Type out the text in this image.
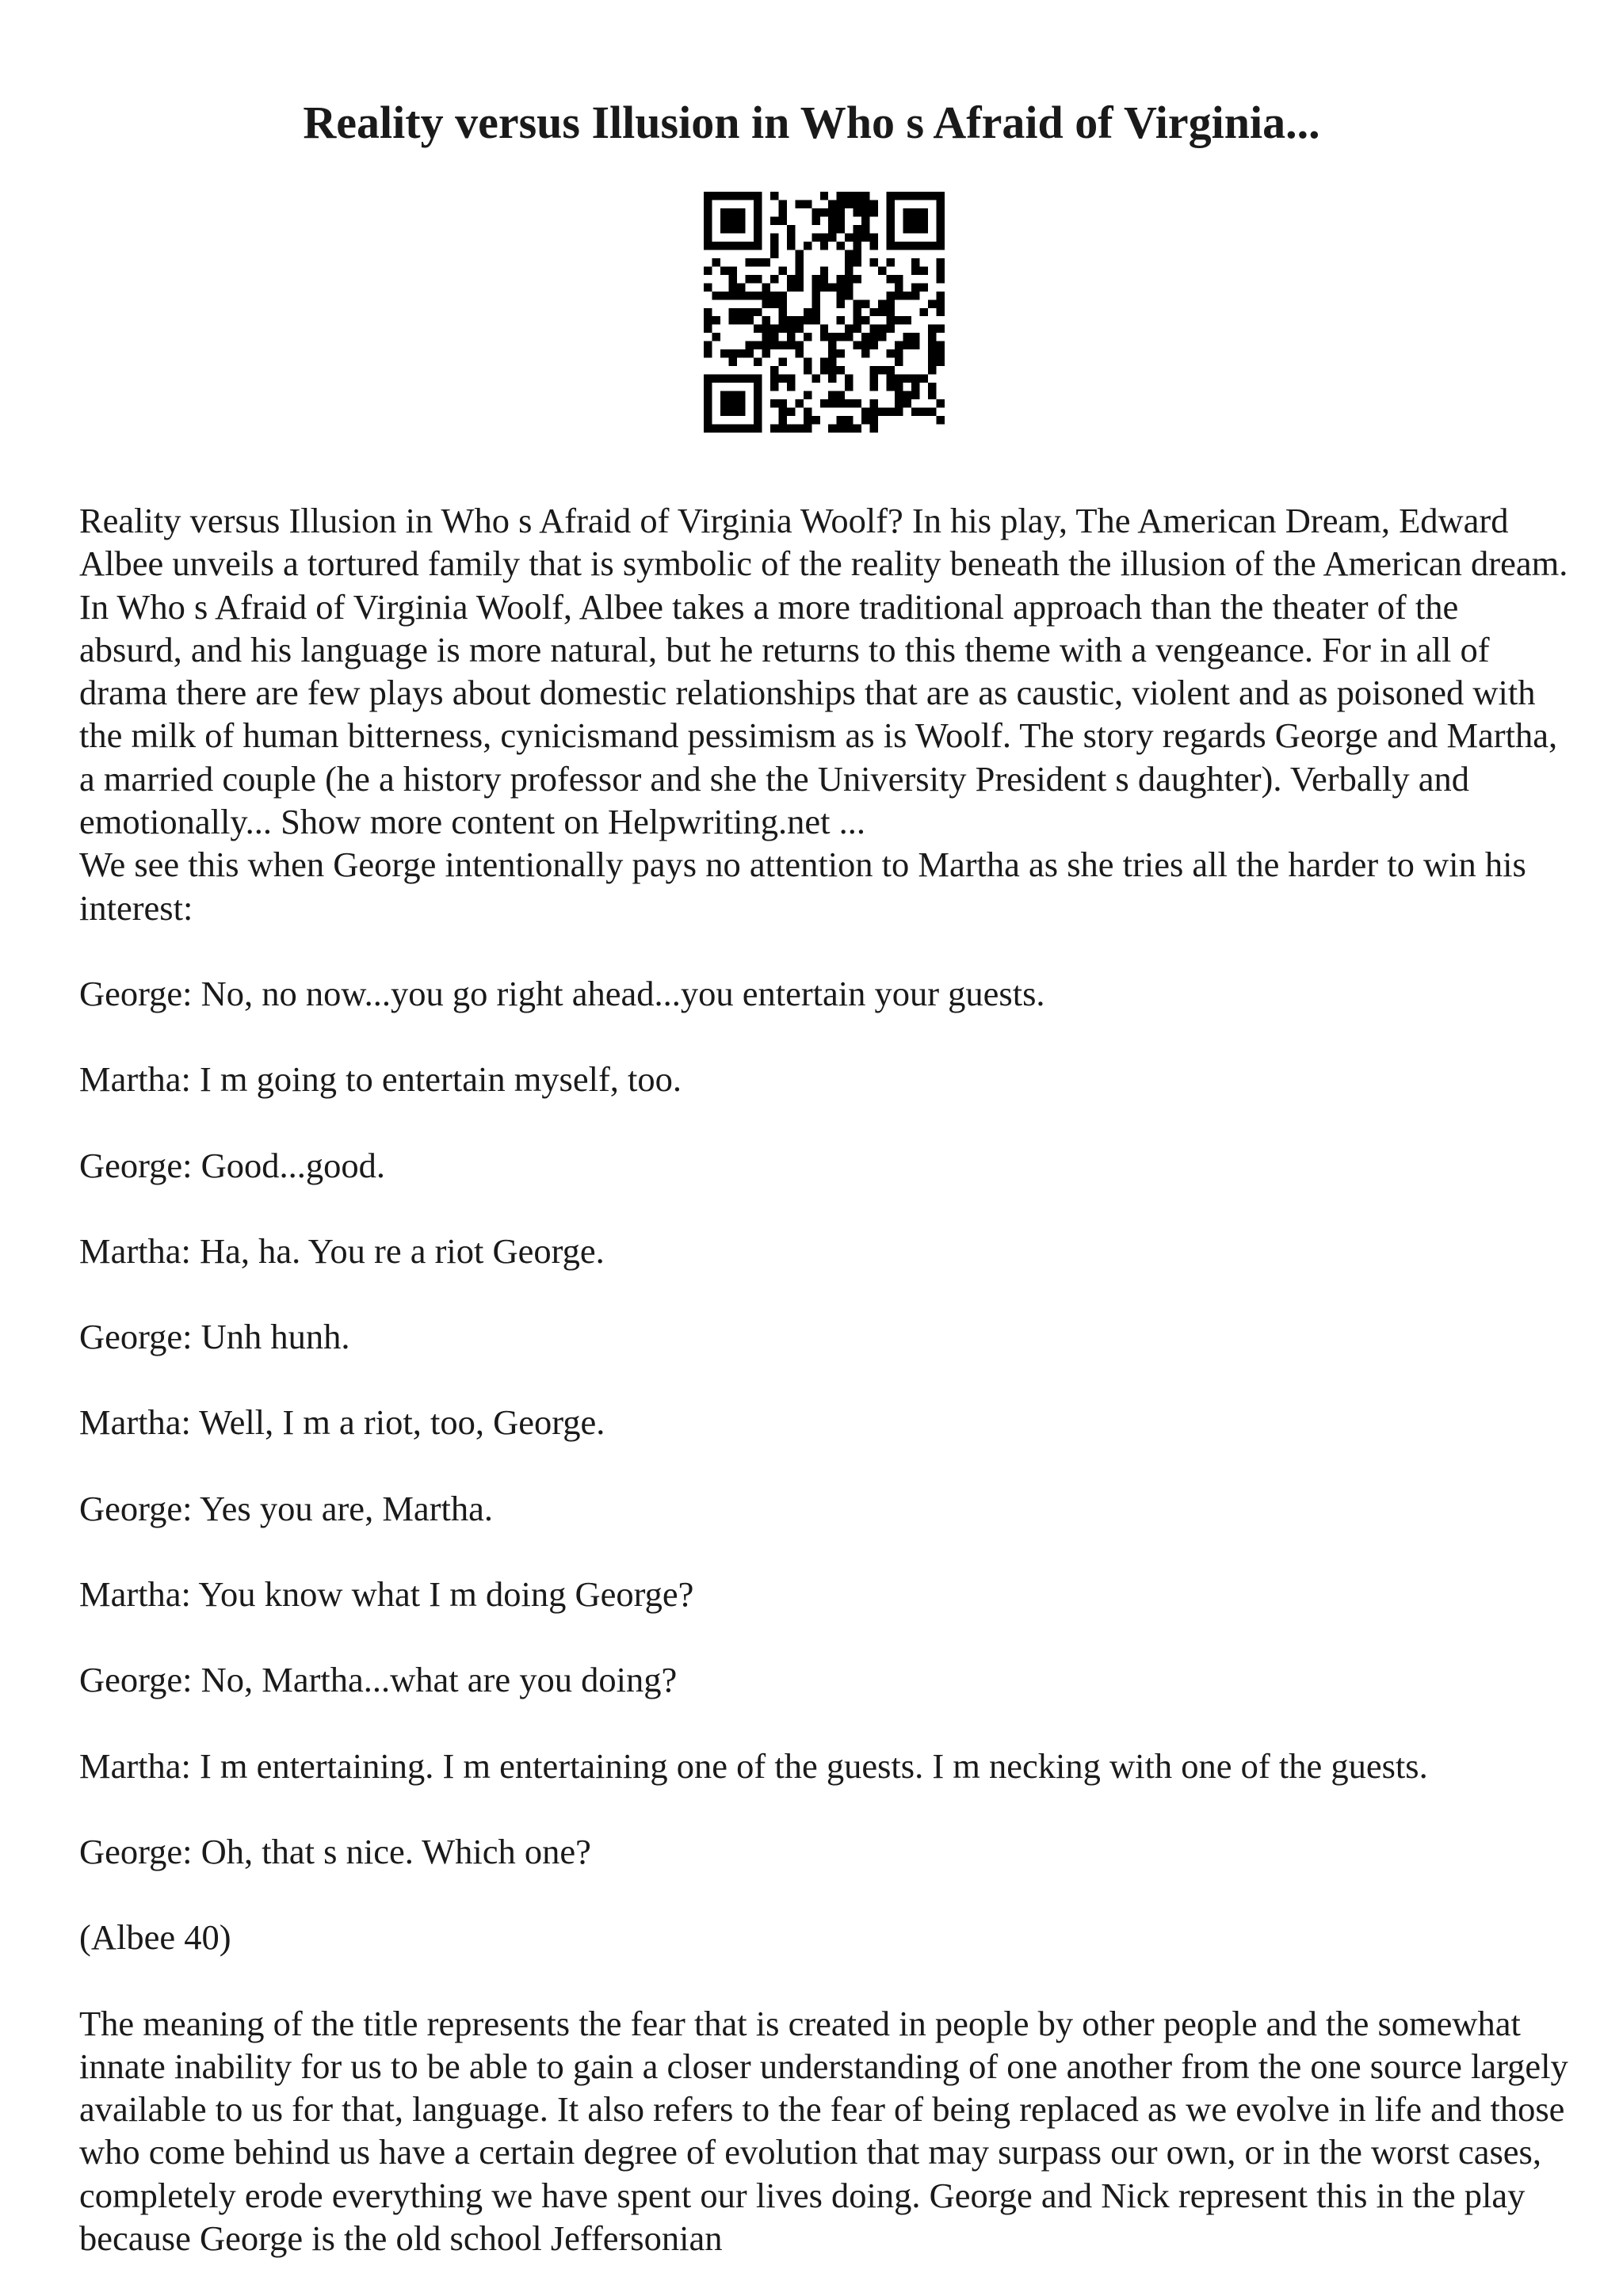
Reality versus Illusion in Who s Afraid of Virginia...

Reality versus Illusion in Who s Afraid of Virginia Woolf? In his play, The American Dream, Edward Albee unveils a tortured family that is symbolic of the reality beneath the illusion of the American dream. In Who s Afraid of Virginia Woolf, Albee takes a more traditional approach than the theater of the absurd, and his language is more natural, but he returns to this theme with a vengeance. For in all of drama there are few plays about domestic relationships that are as caustic, violent and as poisoned with the milk of human bitterness, cynicismand pessimism as is Woolf. The story regards George and Martha, a married couple (he a history professor and she the University President s daughter). Verbally and emotionally... Show more content on Helpwriting.net ...

We see this when George intentionally pays no attention to Martha as she tries all the harder to win his interest:

George: No, no now...you go right ahead...you entertain your guests.

Martha: I m going to entertain myself, too.

George: Good...good.

Martha: Ha, ha. You re a riot George.

George: Unh hunh.

Martha: Well, I m a riot, too, George.

George: Yes you are, Martha.

Martha: You know what I m doing George?

George: No, Martha...what are you doing?

Martha: I m entertaining. I m entertaining one of the guests. I m necking with one of the guests.

George: Oh, that s nice. Which one?

(Albee 40)

The meaning of the title represents the fear that is created in people by other people and the somewhat innate inability for us to be able to gain a closer understanding of one another from the one source largely available to us for that, language. It also refers to the fear of being replaced as we evolve in life and those who come behind us have a certain degree of evolution that may surpass our own, or in the worst cases, completely erode everything we have spent our lives doing. George and Nick represent this in the play because George is the old school Jeffersonian
